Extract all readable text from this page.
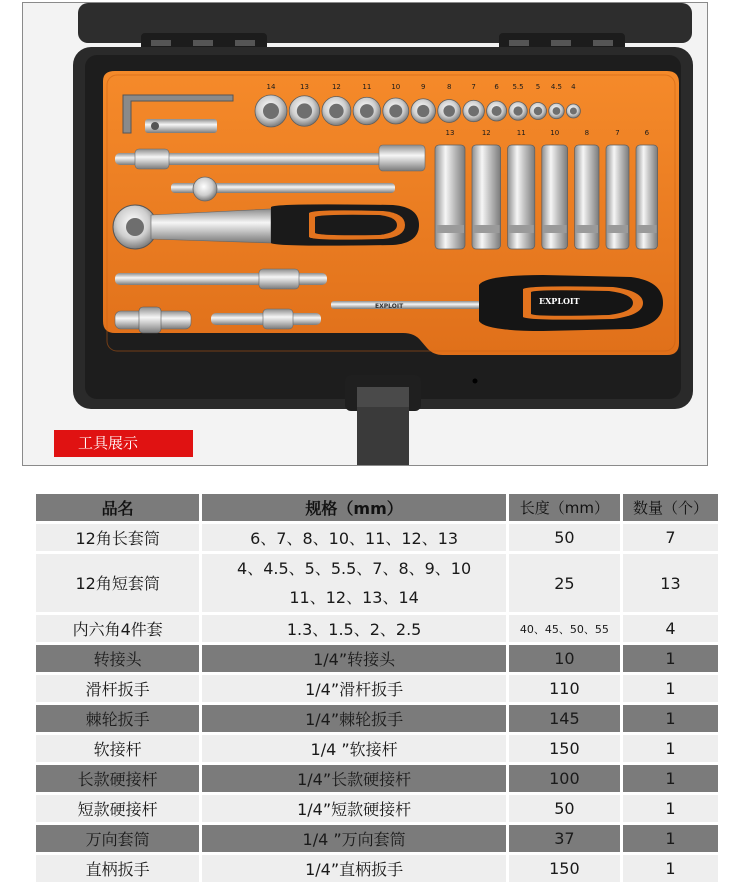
14	13	12	11	10	9	8	7	6 5.5 5 4.5 4
EXPLOIT
EXPLOIT
13	12	11	10	8	7	6
工具展示
品名	规格（mm）	长度（mm）	数量（个）
12角长套筒	6、7、8、10、11、12、13	50	7
12角短套筒	4、4.5、5、5.5、7、8、9、10
11、12、13、14	25	13
内六角4件套	1.3、1.5、2、2.5	40、45、50、55	4
转接头	1/4”转接头	10	1
滑杆扳手	1/4”滑杆扳手	110	1
棘轮扳手	1/4”棘轮扳手	145	1
软接杆	1/4 ”软接杆	150	1
长款硬接杆	1/4”长款硬接杆	100	1
短款硬接杆	1/4”短款硬接杆	50	1
万向套筒	1/4 ”万向套筒	37	1
直柄扳手	1/4”直柄扳手	150	1
